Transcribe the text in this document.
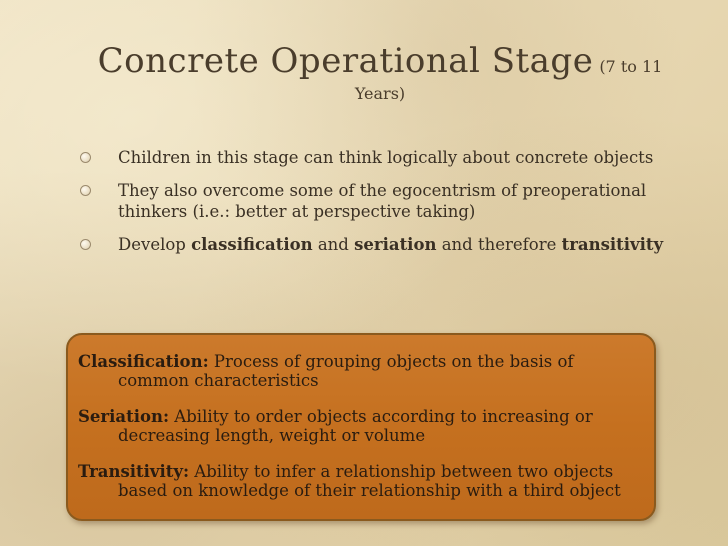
Concrete Operational Stage (7 to 11
Years)
Children in this stage can think logically about concrete objects
They also overcome some of the egocentrism of preoperational thinkers (i.e.: better at perspective taking)
Develop classification and seriation and therefore transitivity
Classification: Process of grouping objects on the basis of common characteristics
Seriation: Ability to order objects according to increasing or decreasing length, weight or volume
Transitivity: Ability to infer a relationship between two objects based on knowledge of their relationship with a third object
